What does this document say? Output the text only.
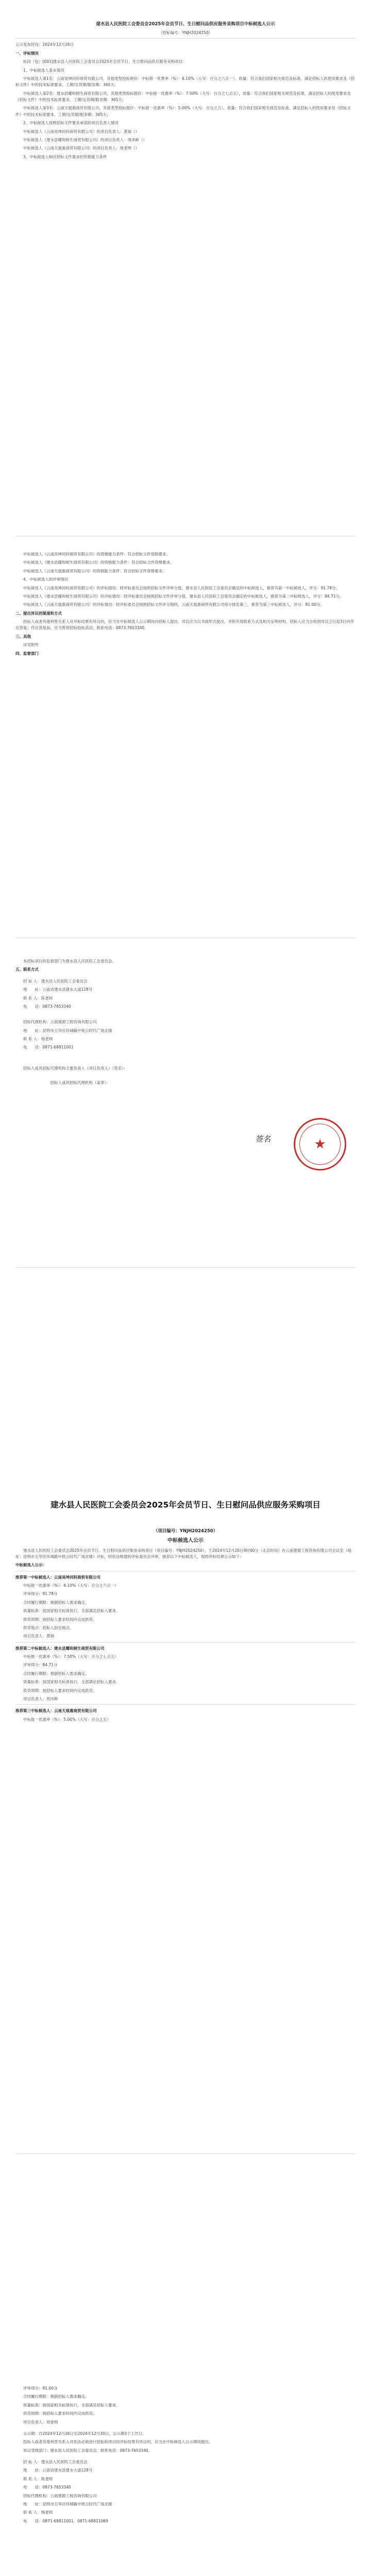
建水县人民医院工会委员会2025年会员节日、生日慰问品供应服务采购项目中标候选人公示

（招标编号：YNJH2024250）

公示发布时间：2024年12月26日

一、评标情况

标段（包）[001]建水县人民医院工会委员会2025年会员节日、生日慰问品供应服务采购项目：

1、中标候选人基本情况

中标候选人第1名：云南昊坤同科商贸有限公司，其他类型投标报价：中标报一优费率（%）：6.10%（大写：百分之六点一），质量：符合我们国家相关规范及标准，满足招标人的使用要求及《招标文件》中的技术标准要求，工期/交货期/服务期：365天；

中标候选人第2名：建水县耀和树生商贸有限公司，其他类型投标报价：中标报一优惠率（%）：7.50%（大写：百分之七点五），质量：符合我们国家相关规范及标准，满足招标人的使用要求及《招标文件》中的技术标准要求，工期/交货期/服务期：365天；

中标候选人第3名：云南天展惠商贸有限公司，其他类型投标报价：中标报一优惠率（%）：5.00%（大写：百分之五），质量：符合我们国家相关规范及标准，满足招标人的使用要求及《招标文件》中的技术标准要求，工期/交货期/服务期：365天；

2、中标候选人按照招标文件要求承诺的项目负责人情况

中标候选人（云南昊坤同科商贸有限公司）的项目负责人：黄瑞（）

中标候选人（建水县耀和树生商贸有限公司）的项目负责人：周沐鲜（）

中标候选人（云南天展惠商贸有限公司）的项目负责人：周老明（）

3、中标候选人响应招标文件要求的资格能力条件

中标候选人（云南昊坤同科商贸有限公司）的资格能力条件：符合招标文件资格要求。

中标候选人（建水县耀和树生商贸有限公司）的资格能力条件：符合招标文件资格要求。

中标候选人（云南天展惠商贸有限公司）的资格能力条件：符合招标文件资格要求。

4、中标候选人的评审情况

中标候选人（云南昊坤同科商贸有限公司）的评标情况：经评标委员会按照招标文件评审分值，建水县人民医院工会委员会确定的中标候选人，推荐为第一中标候选人，评分：91.78分。

中标候选人（建水县耀和树生商贸有限公司）的评标情况：经评标委员会按照招标文件评审分值，建水县人民医院工会委员会确定的中标候选人，推荐为第二中标候选人，评分：84.71分。

中标候选人（云南天展惠商贸有限公司）的评标情况：经评标委员会按照招标文件评分细则，云南天展惠商贸有限公司得分排名第三，推荐为第三中标候选人，评分：81.00分。

二、提出异议的渠道和方式

投标人或者其他利害关系人对评标结果有异议的，应当在中标候选人公示期间向招标人提出。异议应当以书面形式提出，并附有效联系方式及相关证明材料。招标人应当自收到异议之日起3日内作出答复；作出答复前，应当暂停招标投标活动。联系电话：0873-7653340。

三、其他

详见附件

四、监督部门

本招标项目的监督部门为建水县人民医院工会委员会。

五、联系方式

招 标 人：建水县人民医院工会委员会

地　　址：云南省建水县建水大道128号

联 系 人：陈老师

电　　话：0873-7653340

招标代理机构：云南建源工程咨询有限公司

地　　址：昆明市五华区环城路中铁云时代广场北楼

联 系 人：杨老师

电　　话：0871-68811001

招标人或其招标代理机构主要负责人（项目负责人）（签名）：

招标人或其招标代理机构（盖章）：

签名	★
建水县人民医院工会委员会2025年会员节日、生日慰问品供应服务采购项目

（项目编号：YNJH2024250）

中标候选人公示

建水县人民医院工会委员会2025年会员节日、生日慰问品供应服务采购项目（项目编号：YNJH2024250），于2024年12月20日9时00分（北京时间）在云南建源工程咨询有限公司会议室（地址：昆明市五华区环城路中铁云时代广场北楼）开标，经依法组建的评标委员会评审，推荐以下中标候选人，现将评标结果公示如下：

中标候选人公示：

推荐第一中标候选人：云南昊坤同科商贸有限公司

中标报一优惠率（%）：6.10%（大写：百分之六点一）

评审得分：91.78分

合同履行期限：根据招标人需求确定。

质量标准：按国家相关标准执行，全部满足招标人要求。

供货周期：按招标人要求时间内完成供货。

供货地点：招标人指定地点。

项目负责人：黄瑞

推荐第二中标候选人：建水县耀和树生商贸有限公司

中标报一优惠率（%）：7.50%（大写：百分之七点五）

评审得分：84.71分

合同履行期限：根据招标人需求确定。

质量标准：按国家相关标准执行，全部满足招标人要求。

供货周期：按招标人要求时间内完成供货。

项目负责人：周沐鲜

推荐第三中标候选人：云南天展惠商贸有限公司

中标报一优惠率（%）：5.00%（大写：百分之五）

评审得分：81.00分

合同履行期限：根据招标人需求确定。

质量标准：按国家相关标准执行，全部满足招标人要求。

供货周期：按招标人要求时间内完成供货。

项目负责人：周老明

公示期：自2024年12月26日至2024年12月30日，公示期3个工作日。

投标人或者其他利害关系人对依法必须进行招标的项目的评标结果有异议的，应当在中标候选人公示期间提出。

异议受理部门：建水县人民医院工会委员会，联系电话：0873-7653340。

招 标 人：建水县人民医院工会委员会

地　　址：云南省建水县建水大道128号

联 系 人：陈老师

电　　话：0873-7653340

招标代理机构：云南建源工程咨询有限公司

地　　址：昆明市五华区环城路中铁云时代广场北楼

联 系 人：杨老师

电　　话：0871-68811001，0871-68811069
